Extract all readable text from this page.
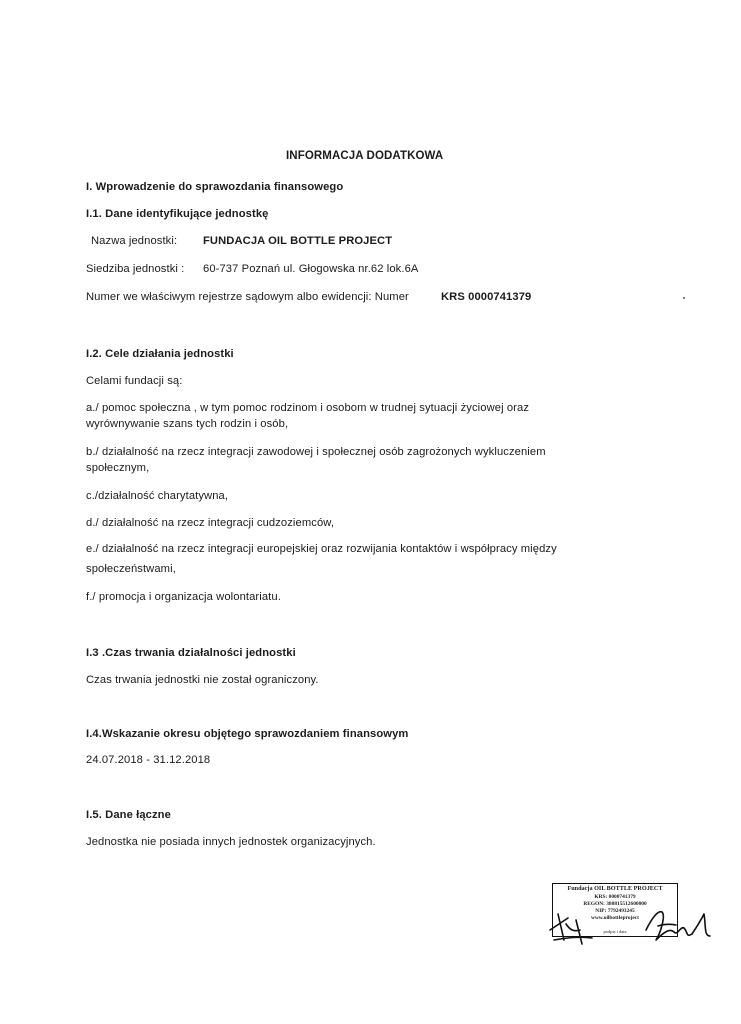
INFORMACJA DODATKOWA
I. Wprowadzenie do sprawozdania finansowego
I.1. Dane identyfikujące jednostkę
Nazwa jednostki: FUNDACJA OIL BOTTLE PROJECT
Siedziba jednostki : 60-737 Poznań ul. Głogowska nr.62 lok.6A
Numer we właściwym rejestrze sądowym albo ewidencji: Numer	KRS 0000741379
I.2. Cele działania jednostki
Celami fundacji są:
a./ pomoc społeczna , w tym pomoc rodzinom i osobom w trudnej sytuacji życiowej oraz
wyrównywanie szans tych rodzin i osób,
b./ działalność na rzecz integracji zawodowej i społecznej osób zagrożonych wykluczeniem
społecznym,
c./działalność charytatywna,
d./ działalność na rzecz integracji cudzoziemców,
e./ działalność na rzecz integracji europejskiej oraz rozwijania kontaktów i współpracy między
społeczeństwami,
f./ promocja i organizacja wolontariatu.
I.3 .Czas trwania działalności jednostki
Czas trwania jednostki nie został ograniczony.
I.4.Wskazanie okresu objętego sprawozdaniem finansowym
24.07.2018 - 31.12.2018
I.5. Dane łączne
Jednostka nie posiada innych jednostek organizacyjnych.
Fundacja OIL BOTTLE PROJECT
KRS: 0000741379
REGON: 380815512600000
NIP: 7792493245
www.oilbottleproject
podpis i data
